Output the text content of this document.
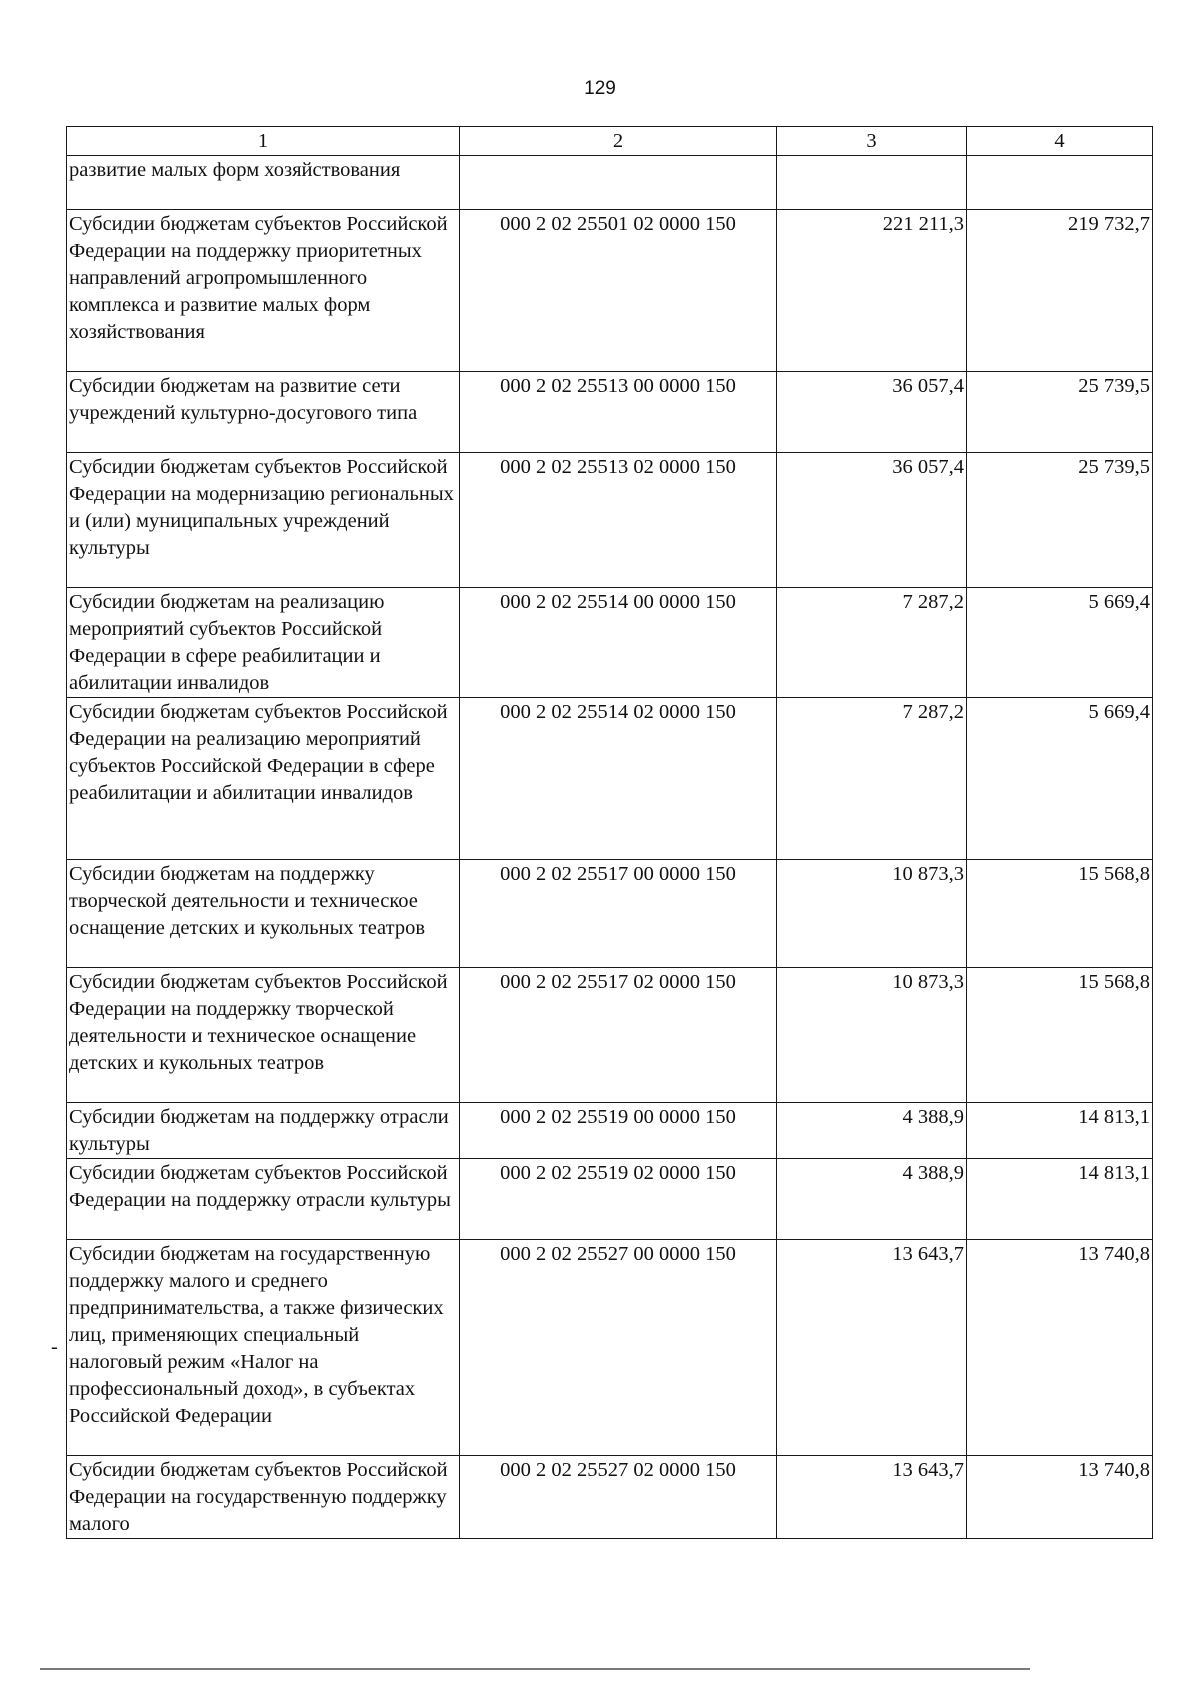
129
-
1	2	3	4
развитие малых форм хозяйствования			
Субсидии бюджетам субъектов Российской Федерации на поддержку приоритетных направлений агропромышленного комплекса и развитие малых форм хозяйствования	000 2 02 25501 02 0000 150	221 211,3	219 732,7
Субсидии бюджетам на развитие сети учреждений культурно-досугового типа	000 2 02 25513 00 0000 150	36 057,4	25 739,5
Субсидии бюджетам субъектов Российской Федерации на модернизацию региональных и (или) муниципальных учреждений культуры	000 2 02 25513 02 0000 150	36 057,4	25 739,5
Субсидии бюджетам на реализацию мероприятий субъектов Российской Федерации в сфере реабилитации и абилитации инвалидов	000 2 02 25514 00 0000 150	7 287,2	5 669,4
Субсидии бюджетам субъектов Российской Федерации на реализацию мероприятий субъектов Российской Федерации в сфере реабилитации и абилитации инвалидов	000 2 02 25514 02 0000 150	7 287,2	5 669,4
Субсидии бюджетам на поддержку творческой деятельности и техническое оснащение детских и кукольных театров	000 2 02 25517 00 0000 150	10 873,3	15 568,8
Субсидии бюджетам субъектов Российской Федерации на поддержку творческой деятельности и техническое оснащение детских и кукольных театров	000 2 02 25517 02 0000 150	10 873,3	15 568,8
Субсидии бюджетам на поддержку отрасли культуры	000 2 02 25519 00 0000 150	4 388,9	14 813,1
Субсидии бюджетам субъектов Российской Федерации на поддержку отрасли культуры	000 2 02 25519 02 0000 150	4 388,9	14 813,1
Субсидии бюджетам на государственную поддержку малого и среднего предпринимательства, а также физических лиц, применяющих специальный налоговый режим «Налог на профессиональный доход», в субъектах Российской Федерации	000 2 02 25527 00 0000 150	13 643,7	13 740,8
Субсидии бюджетам субъектов Российской Федерации на государственную поддержку малого	000 2 02 25527 02 0000 150	13 643,7	13 740,8
